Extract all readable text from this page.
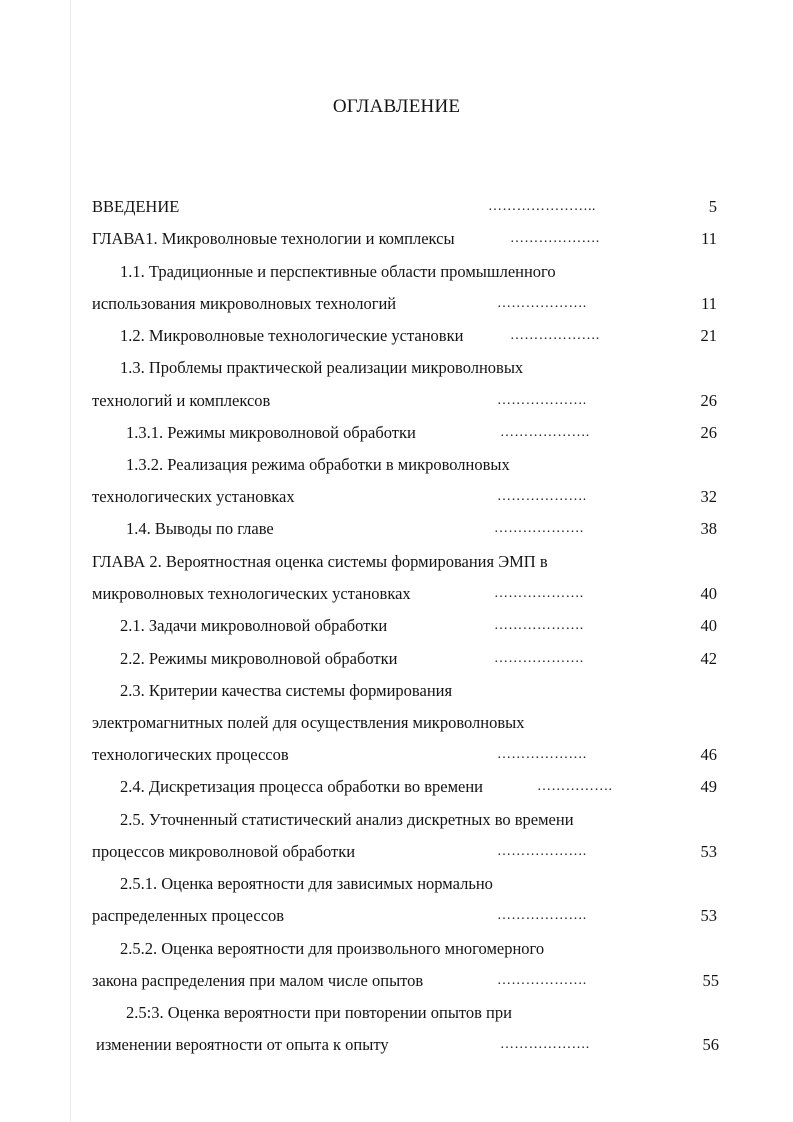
ОГЛАВЛЕНИЕ
ВВЕДЕНИЕ	…………………..	5
ГЛАВА1. Микроволновые технологии и комплексы	……………….	11
1.1. Традиционные и перспективные области промышленного
использования микроволновых технологий	……………….	11
1.2. Микроволновые технологические установки	……………….	21
1.3. Проблемы практической реализации микроволновых
технологий и комплексов	……………….	26
1.3.1. Режимы микроволновой обработки	……………….	26
1.3.2. Реализация режима обработки в микроволновых
технологических установках	……………….	32
1.4. Выводы по главе	……………….	38
ГЛАВА 2. Вероятностная оценка системы формирования ЭМП в
микроволновых технологических установках	……………….	40
2.1. Задачи микроволновой обработки	……………….	40
2.2. Режимы микроволновой обработки	……………….	42
2.3. Критерии качества системы формирования
электромагнитных полей для осуществления микроволновых
технологических процессов	……………….	46
2.4. Дискретизация процесса обработки во времени	…………….	49
2.5. Уточненный статистический анализ дискретных во времени
процессов микроволновой обработки	……………….	53
2.5.1. Оценка вероятности для зависимых нормально
распределенных процессов	……………….	53
2.5.2. Оценка вероятности для произвольного многомерного
закона распределения при малом числе опытов	……………….	55
2.5:3. Оценка вероятности при повторении опытов при
изменении вероятности от опыта к опыту	……………….	56
